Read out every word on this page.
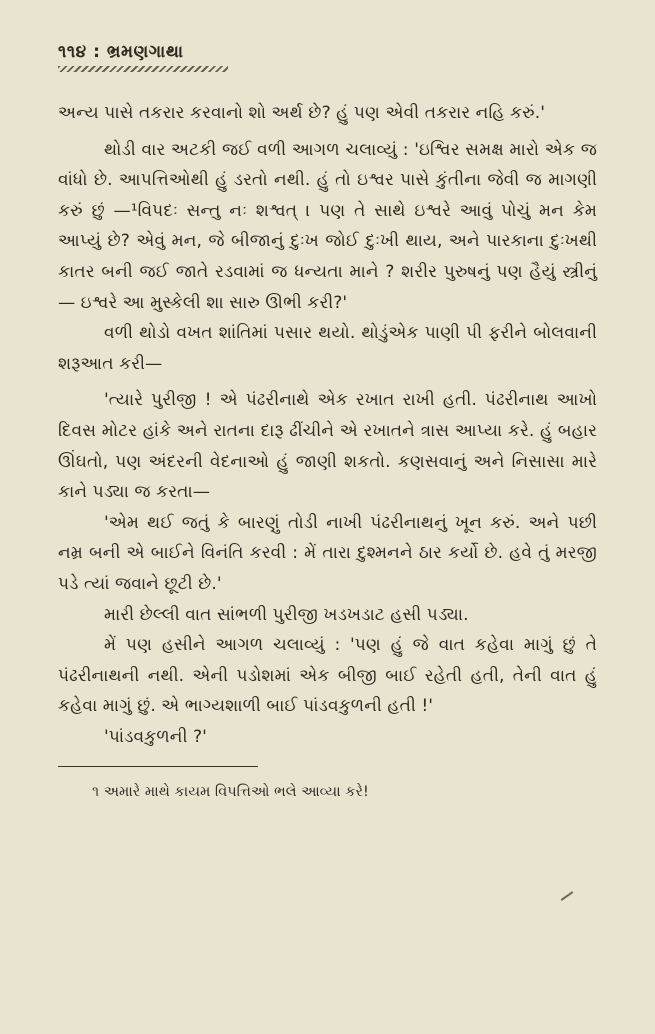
૧૧૪ : ભ્રમણગાથા

અન્ય પાસે તકરાર કરવાનો શો અર્થ છે? હું પણ એવી તકરાર નહિ કરું.'

થોડી વાર અટકી જઈ વળી આગળ ચલાવ્યું : 'ઇશ્વિર સમક્ષ મારો એક જ વાંધો છે. આપત્તિઓથી હું ડરતો નથી. હું તો ઇશ્વર પાસે કુંતીના જેવી જ માગણી કરું છું —¹વિપદઃ સન્તુ નઃ શશ્વત્ । પણ તે સાથે ઇશ્વરે આવું પોચું મન કેમ આપ્યું છે? એવું મન, જે બીજાનું દુઃખ જોઈ દુઃખી થાય, અને પારકાના દુઃખથી કાતર બની જઈ જાતે રડવામાં જ ધન્યતા માને ? શરીર પુરુષનું પણ હૈયું સ્ત્રીનું— ઇશ્વરે આ મુસ્કેલી શા સારુ ઊભી કરી?'

વળી થોડો વખત શાંતિમાં પસાર થયો. થોડુંએક પાણી પી ફરીને બોલવાની શરૂઆત કરી—

'ત્યારે પુરીજી ! એ પંઢરીનાથે એક રખાત રાખી હતી. પંઢરીનાથ આખો દિવસ મોટર હાંકે અને રાતના દારૂ ઢીંચીને એ રખાતને ત્રાસ આપ્યા કરે. હું બહાર ઊંઘતો, પણ અંદરની વેદનાઓ હું જાણી શકતો. કણસવાનું અને નિસાસા મારે કાને પડ્યા જ કરતા—

'એમ થઈ જતું કે બારણું તોડી નાખી પંઢરીનાથનું ખૂન કરું. અને પછી નમ્ર બની એ બાઈને વિનંતિ કરવી : મેં તારા દુશ્મનને ઠાર કર્યો છે. હવે તું મરજી પડે ત્યાં જવાને છૂટી છે.'

મારી છેલ્લી વાત સાંભળી પુરીજી ખડખડાટ હસી પડ્યા.

મેં પણ હસીને આગળ ચલાવ્યું : 'પણ હું જે વાત કહેવા માગું છું તે પંઢરીનાથની નથી. એની પડોશમાં એક બીજી બાઈ રહેતી હતી, તેની વાત હું કહેવા માગું છું. એ ભાગ્યશાળી બાઈ પાંડવકુળની હતી !'

'પાંડવકુળની ?'

૧ અમારે માથે કાયમ વિપત્તિઓ ભલે આવ્યા કરે!
